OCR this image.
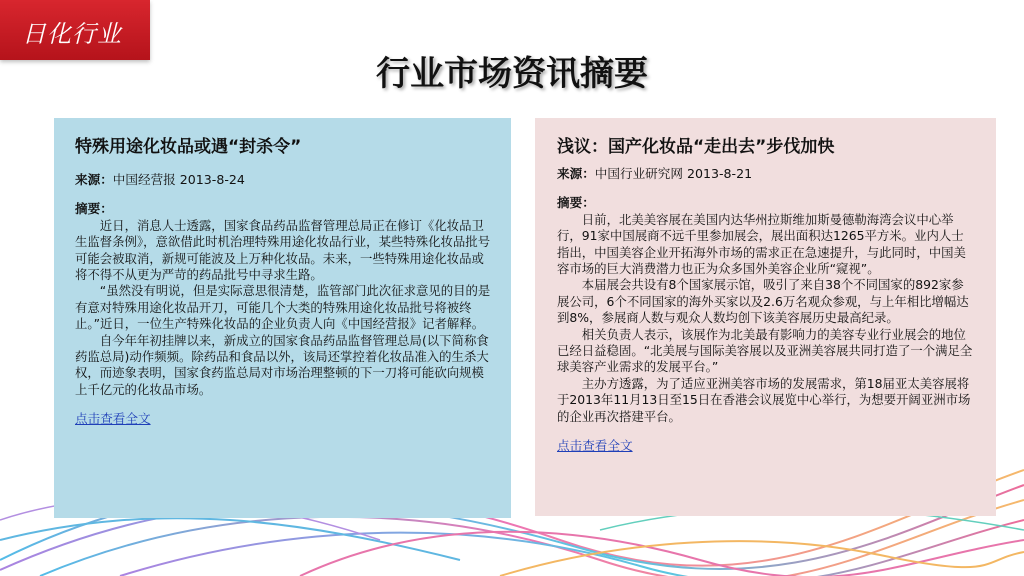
日化行业
行业市场资讯摘要
特殊用途化妆品或遇“封杀令”
来源：中国经营报 2013-8-24
摘要：

近日，消息人士透露，国家食品药品监督管理总局正在修订《化妆品卫生监督条例》，意欲借此时机治理特殊用途化妆品行业，某些特殊化妆品批号可能会被取消，新规可能波及上万种化妆品。未来，一些特殊用途化妆品或将不得不从更为严苛的药品批号中寻求生路。

“虽然没有明说，但是实际意思很清楚，监管部门此次征求意见的目的是有意对特殊用途化妆品开刀，可能几个大类的特殊用途化妆品批号将被终止。”近日，一位生产特殊化妆品的企业负责人向《中国经营报》记者解释。

自今年年初挂牌以来，新成立的国家食品药品监督管理总局(以下简称食药监总局)动作频频。除药品和食品以外，该局还掌控着化妆品准入的生杀大权，而迹象表明，国家食药监总局对市场治理整顿的下一刀将可能砍向规模上千亿元的化妆品市场。

点击查看全文
浅议：国产化妆品“走出去”步伐加快
来源：中国行业研究网 2013-8-21
摘要：

日前，北美美容展在美国内达华州拉斯维加斯曼德勒海湾会议中心举行，91家中国展商不远千里参加展会，展出面积达1265平方米。业内人士指出，中国美容企业开拓海外市场的需求正在急速提升，与此同时，中国美容市场的巨大消费潜力也正为众多国外美容企业所“窥视”。

本届展会共设有8个国家展示馆，吸引了来自38个不同国家的892家参展公司，6个不同国家的海外买家以及2.6万名观众参观，与上年相比增幅达到8%，参展商人数与观众人数均创下该美容展历史最高纪录。

相关负责人表示，该展作为北美最有影响力的美容专业行业展会的地位已经日益稳固。“北美展与国际美容展以及亚洲美容展共同打造了一个满足全球美容产业需求的发展平台。”

主办方透露，为了适应亚洲美容市场的发展需求，第18届亚太美容展将于2013年11月13日至15日在香港会议展览中心举行，为想要开阔亚洲市场的企业再次搭建平台。

点击查看全文
